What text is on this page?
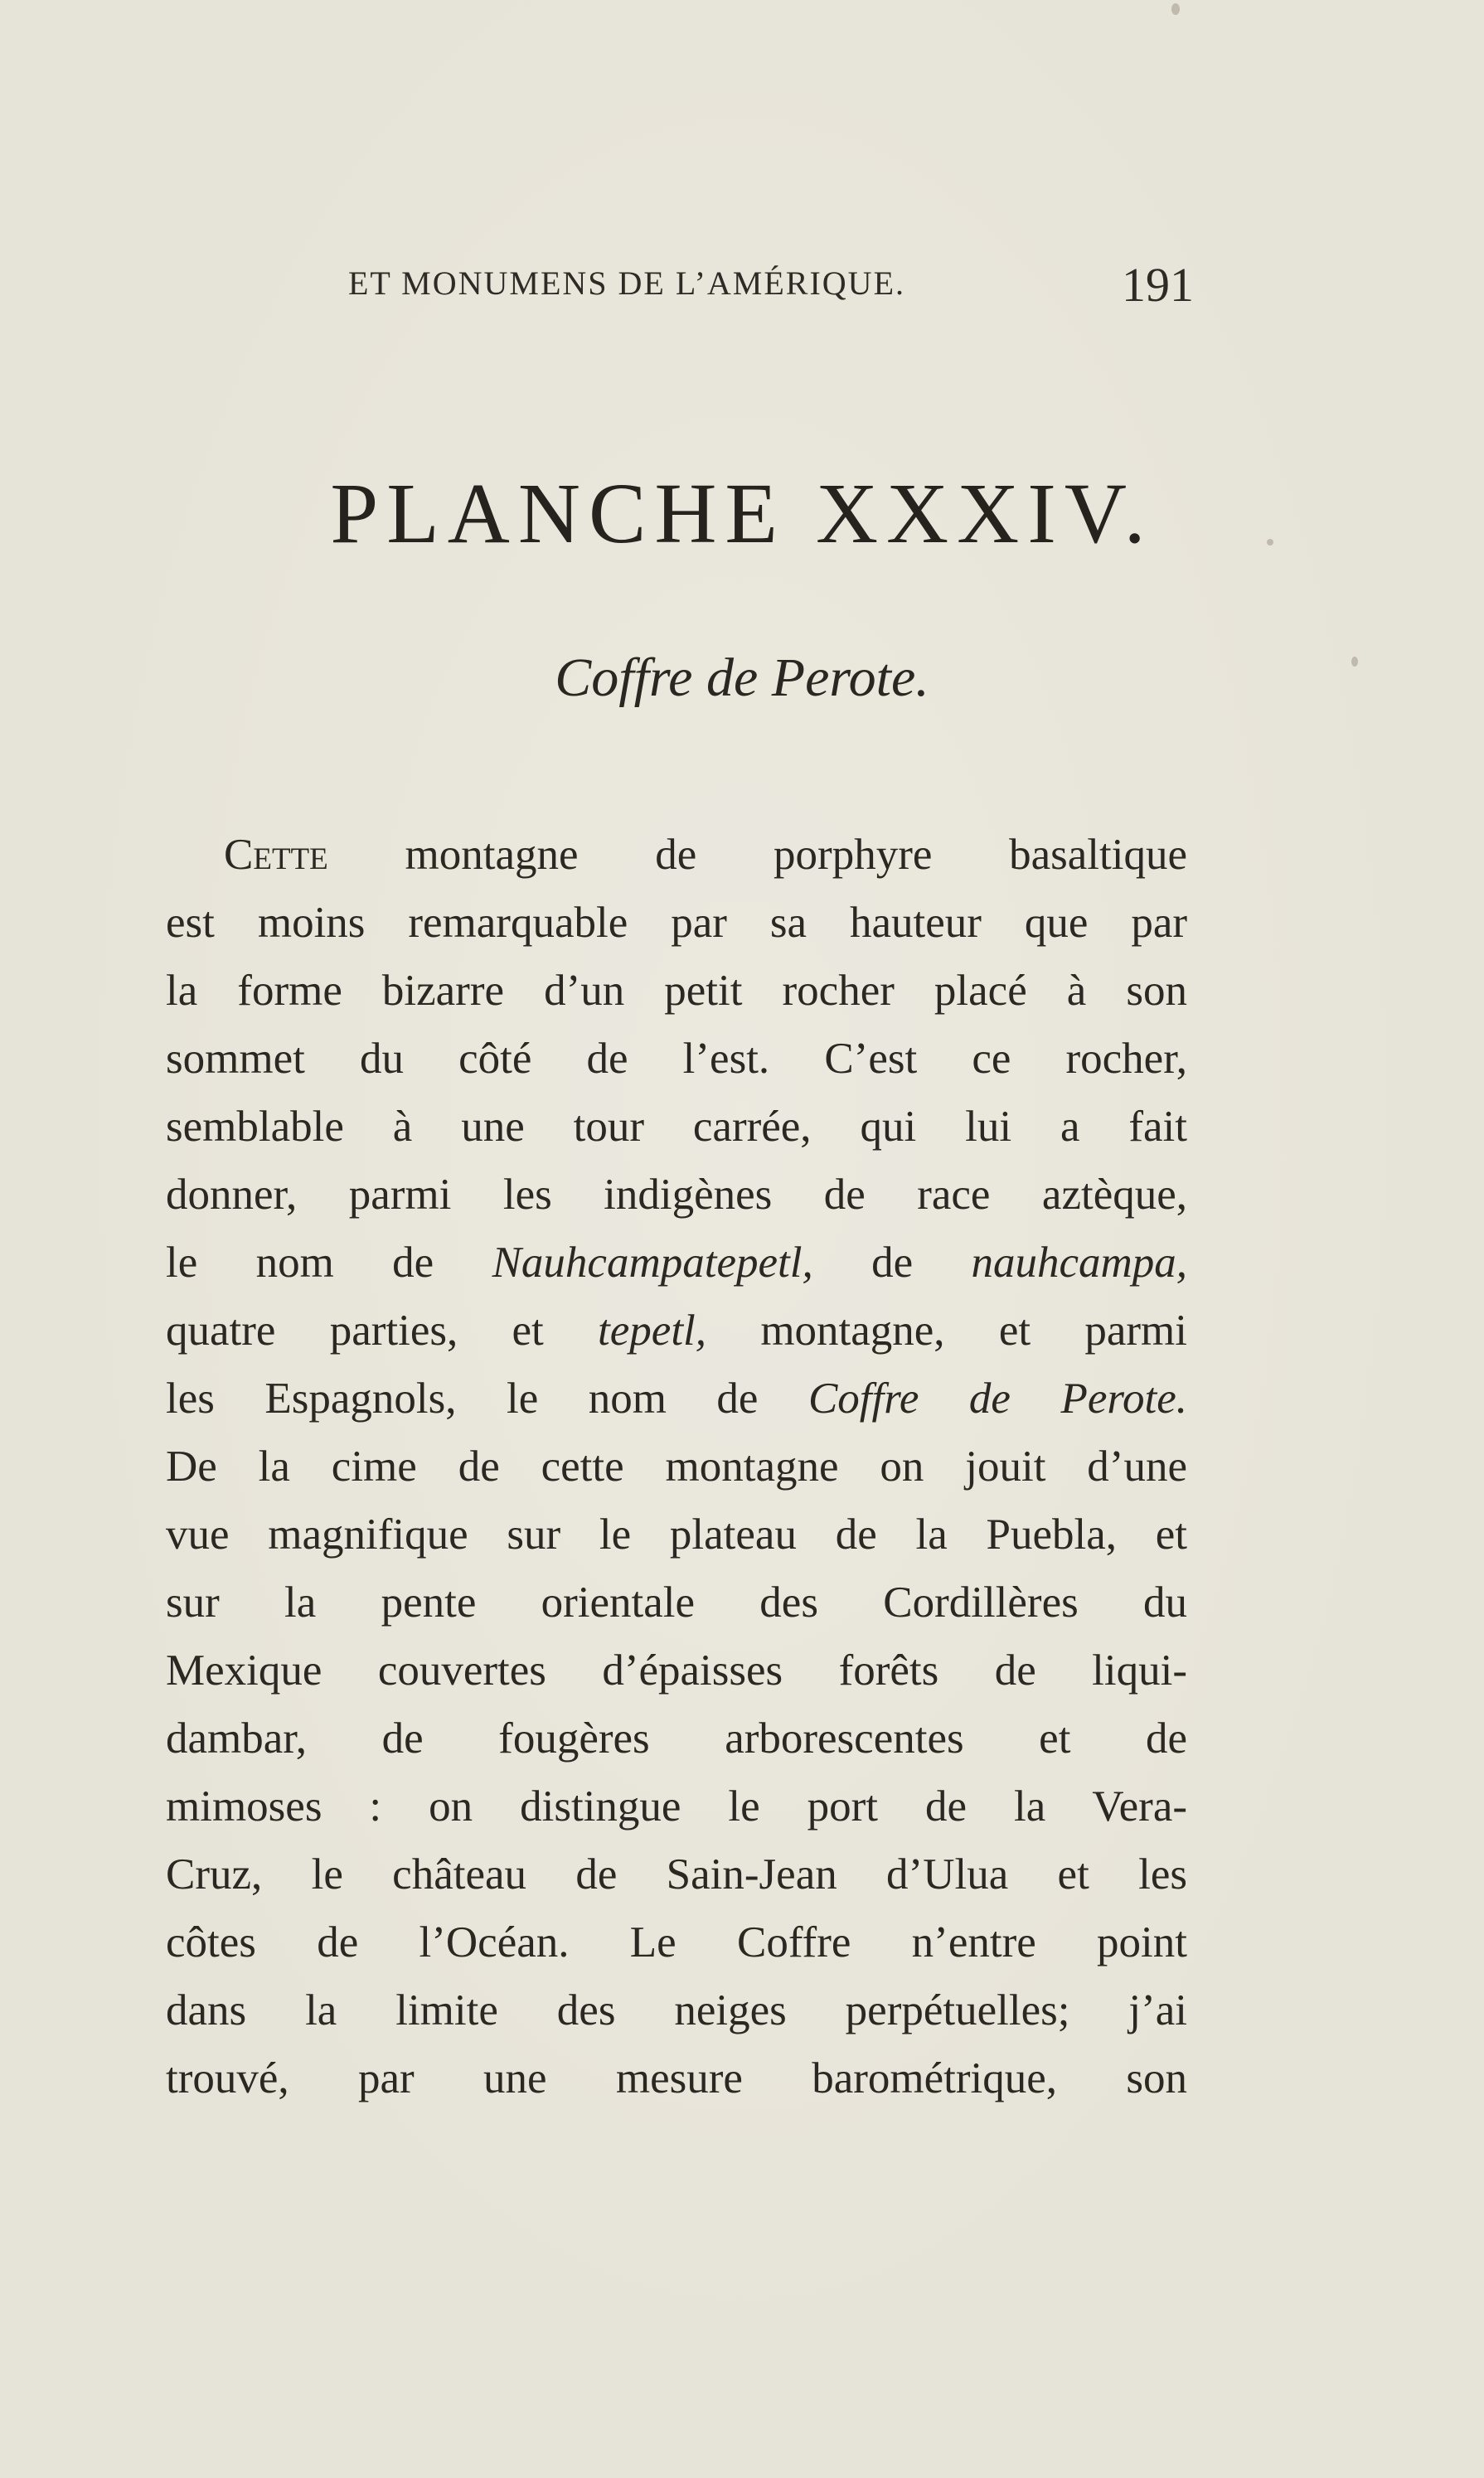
ET MONUMENS DE L’AMÉRIQUE.	191
PLANCHE XXXIV.
Coffre de Perote.
Cette montagne de porphyre basaltique
est moins remarquable par sa hauteur que par
la forme bizarre d’un petit rocher placé à son
sommet du côté de l’est. C’est ce rocher,
semblable à une tour carrée, qui lui a fait
donner, parmi les indigènes de race aztèque,
le nom de Nauhcampatepetl, de nauhcampa,
quatre parties, et tepetl, montagne, et parmi
les Espagnols, le nom de Coffre de Perote.
De la cime de cette montagne on jouit d’une
vue magnifique sur le plateau de la Puebla, et
sur la pente orientale des Cordillères du
Mexique couvertes d’épaisses forêts de liqui-
dambar, de fougères arborescentes et de
mimoses : on distingue le port de la Vera-
Cruz, le château de Sain-Jean d’Ulua et les
côtes de l’Océan. Le Coffre n’entre point
dans la limite des neiges perpétuelles; j’ai
trouvé, par une mesure barométrique, son
